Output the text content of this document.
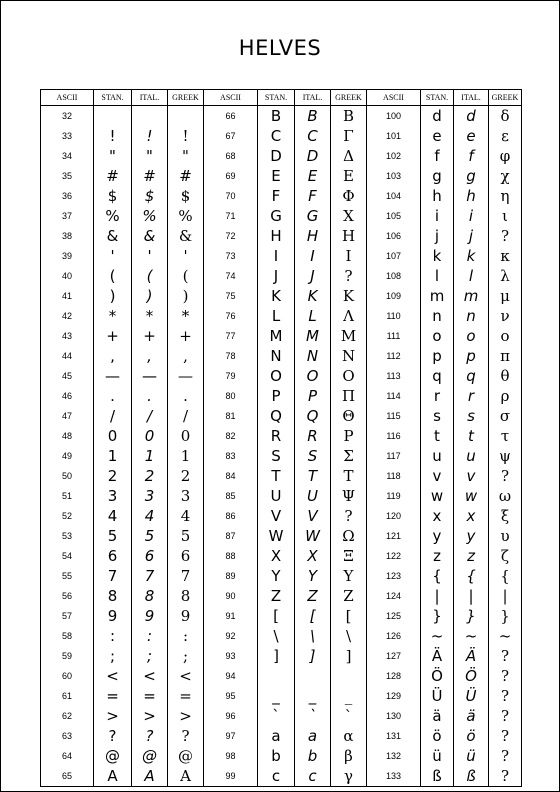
HELVES
ASCII	STAN.	ITAL.	GREEK	ASCII	STAN.	ITAL.	GREEK	ASCII	STAN.	ITAL.	GREEK
32				66	B	B	Β	100	d	d	δ
33	!	!	!	67	C	C	Γ	101	e	e	ε
34	"	"	"	68	D	D	Δ	102	f	f	φ
35	#	#	#	69	E	E	Ε	103	g	g	χ
36	$	$	$	70	F	F	Φ	104	h	h	η
37	%	%	%	71	G	G	Χ	105	i	i	ι
38	&	&	&	72	H	H	Η	106	j	j	?
39	'	'	'	73	I	I	Ι	107	k	k	κ
40	(	(	(	74	J	J	?	108	l	l	λ
41	)	)	)	75	K	K	Κ	109	m	m	μ
42	*	*	*	76	L	L	Λ	110	n	n	ν
43	+	+	+	77	M	M	Μ	111	o	o	ο
44	,	,	,	78	N	N	Ν	112	p	p	π
45	—	—	—	79	O	O	Ο	113	q	q	θ
46	.	.	.	80	P	P	Π	114	r	r	ρ
47	/	/	/	81	Q	Q	Θ	115	s	s	σ
48	0	0	0	82	R	R	Ρ	116	t	t	τ
49	1	1	1	83	S	S	Σ	117	u	u	ψ
50	2	2	2	84	T	T	Τ	118	v	v	?
51	3	3	3	85	U	U	Ψ	119	w	w	ω
52	4	4	4	86	V	V	?	120	x	x	ξ
53	5	5	5	87	W	W	Ω	121	y	y	υ
54	6	6	6	88	X	X	Ξ	122	z	z	ζ
55	7	7	7	89	Y	Y	Υ	123	{	{	{
56	8	8	8	90	Z	Z	Ζ	124	|	|	|
57	9	9	9	91	[	[	[	125	}	}	}
58	:	:	:	92	\	\	\	126	~	~	~
59	;	;	;	93	]	]	]	127	Ä	Ä	?
60	<	<	<	94				128	Ö	Ö	?
61	=	=	=	95	_	_	_	129	Ü	Ü	?
62	>	>	>	96	`	`	`	130	ä	ä	?
63	?	?	?	97	a	a	α	131	ö	ö	?
64	@	@	@	98	b	b	β	132	ü	ü	?
65	A	A	Α	99	c	c	γ	133	ß	ß	?
